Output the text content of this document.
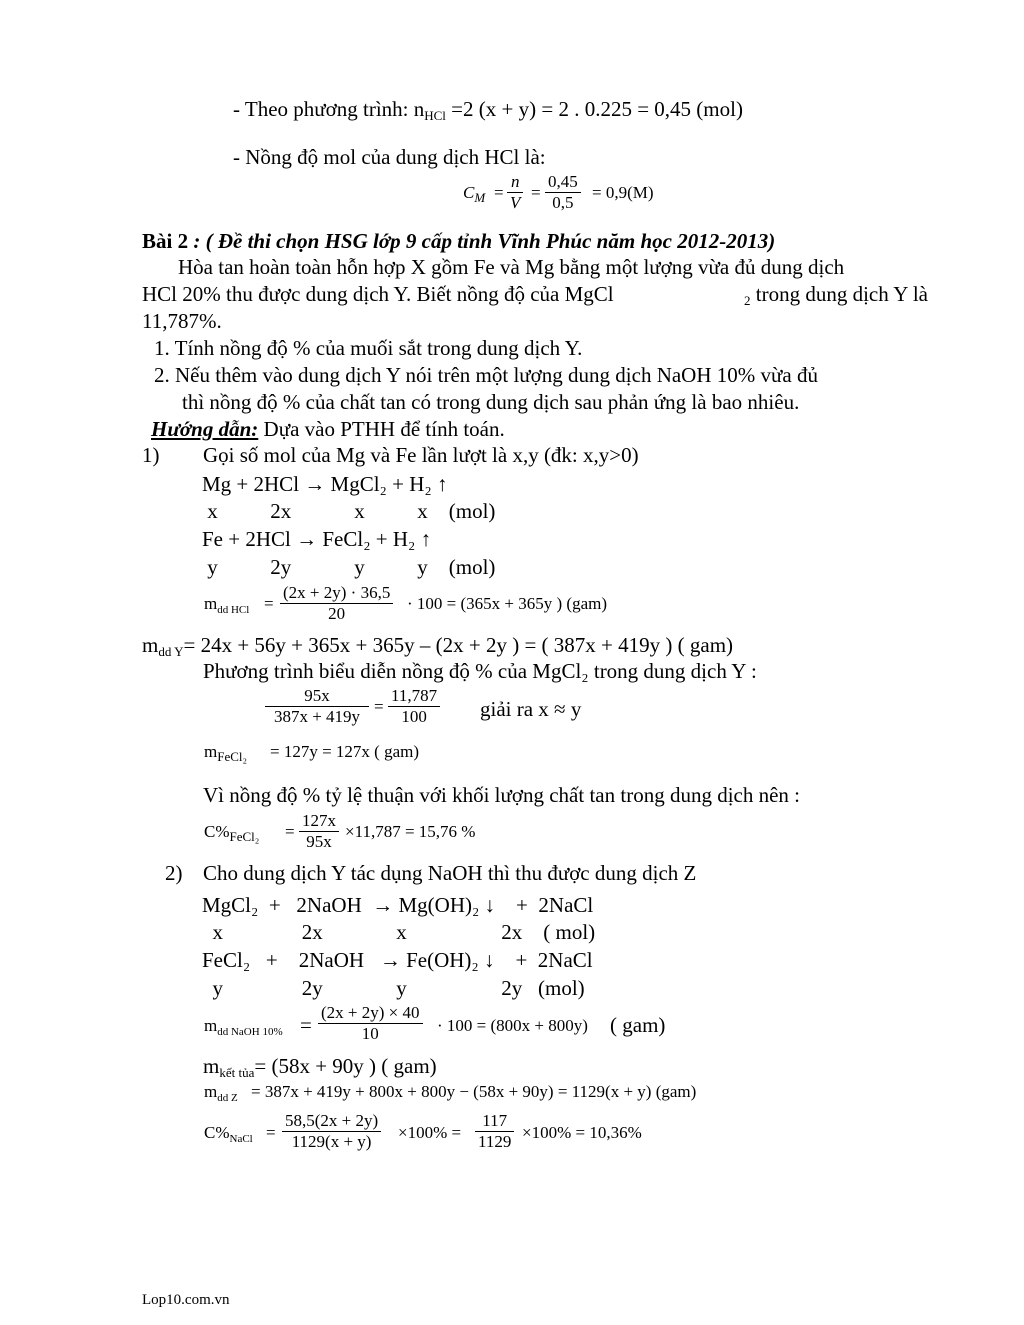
- Theo phương trình: $n_{HCl} =2$ (x + y) = 2 . 0.225 = 0,45 (mol)
- Nồng độ mol của dung dịch HCl là:
$C_M$ =
n
V
=
0,45
0,5
= 0,9(M)
Bài 2 : ( Đề thi chọn HSG lớp 9 cấp tỉnh Vĩnh Phúc năm học 2012-2013)
Hòa tan hoàn toàn hỗn hợp X gồm Fe và Mg bằng một lượng vừa đủ dung dịch
HCl 20% thu được dung dịch Y. Biết nồng độ của MgCl	$_2$ trong dung dịch Y là
11,787%.
1. Tính nồng độ % của muối sắt trong dung dịch Y.
2. Nếu thêm vào dung dịch Y nói trên một lượng dung dịch NaOH 10% vừa đủ
thì nồng độ % của chất tan có trong dung dịch sau phản ứng là bao nhiêu.
Hướng dẫn: Dựa vào PTHH để tính toán.
1) Gọi số mol của Mg và Fe lần lượt là x,y (đk: x,y>0)
Mg + 2HCl → MgCl₂ + H₂ ↑
x          2x            x          x    (mol)
Fe + 2HCl → FeCl₂ + H₂ ↑
y          2y            y          y    (mol)
$m_{dd HCl}$ =
(2x + 2y) · 36,5
20
· 100 = (365x + 365y ) (gam)
$m_{dd Y}= 24x + 56y + 365x + 365y - (2x + 2y$ ) = ( 387x + 419y ) ( gam)
Phương trình biểu diễn nồng độ % của MgCl₂ trong dung dịch Y :
95x
387x + 419y
=
11,787
100	giải ra x ≈ y
$m_{FeCl_2} = 127y = 127x$ ( gam)
Vì nồng độ % tỷ lệ thuận với khối lượng chất tan trong dung dịch nên :
$C\%_{FeCl_2}$ =
127x
95x
×11,787 = 15,76 %
2) Cho dung dịch Y tác dụng NaOH thì thu được dung dịch Z
MgCl₂  +   2NaOH  → Mg(OH)₂ ↓    +  2NaCl
x               2x              x                  2x    ( mol)
FeCl₂   +    2NaOH   → Fe(OH)₂ ↓    +  2NaCl
y               2y              y                  2y   (mol)
$m_{dd NaOH 10\%}$ =
(2x + 2y) × 40
10	· 100 = (800x + 800y) ( gam)
$m_{kết tủa}= (58x + 90y$ ) ( gam)
$m_{dd Z} = 387x + 419y + 800x + 800y - (58x + 90y) = 1129(x + y)$ (gam)
$C\%_{NaCl}$ =
58,5(2x + 2y)
1129(x + y) ×100% =
117
1129 ×100% = 10,36%
Lop10.com.vn
